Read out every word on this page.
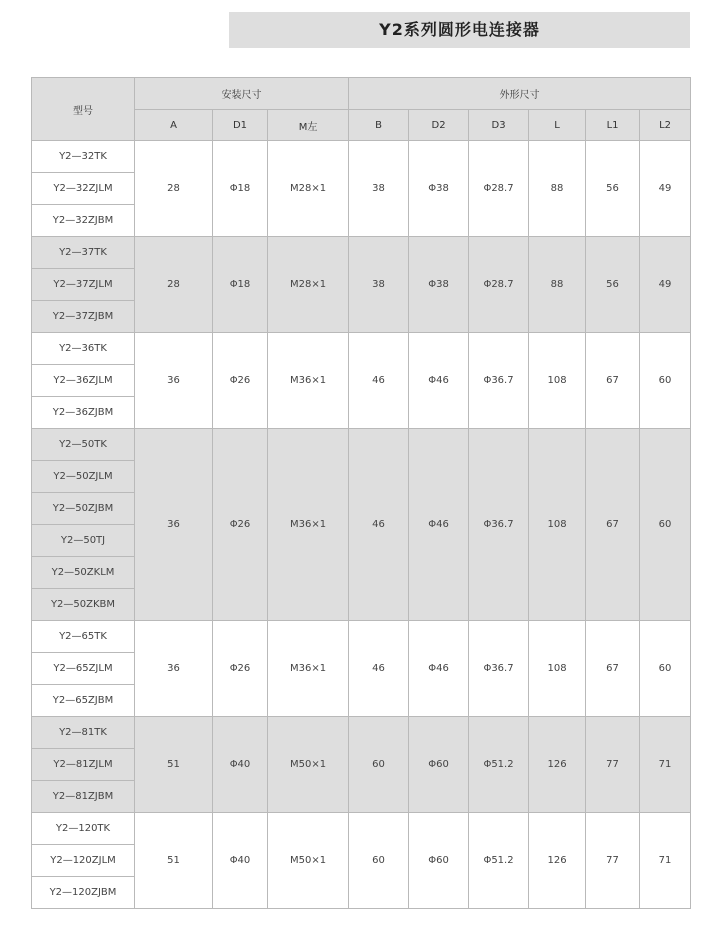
Y2系列圆形电连接器
型号	安装尺寸			外形尺寸					
	A	D1	M左	B	D2	D3	L	L1	L2
Y2—32TK	28	Φ18	M28×1	38	Φ38	Φ28.7	88	56	49
Y2—32ZJLM									
Y2—32ZJBM									
Y2—37TK	28	Φ18	M28×1	38	Φ38	Φ28.7	88	56	49
Y2—37ZJLM									
Y2—37ZJBM									
Y2—36TK	36	Φ26	M36×1	46	Φ46	Φ36.7	108	67	60
Y2—36ZJLM									
Y2—36ZJBM									
Y2—50TK	36	Φ26	M36×1	46	Φ46	Φ36.7	108	67	60
Y2—50ZJLM									
Y2—50ZJBM									
Y2—50TJ									
Y2—50ZKLM									
Y2—50ZKBM									
Y2—65TK	36	Φ26	M36×1	46	Φ46	Φ36.7	108	67	60
Y2—65ZJLM									
Y2—65ZJBM									
Y2—81TK	51	Φ40	M50×1	60	Φ60	Φ51.2	126	77	71
Y2—81ZJLM									
Y2—81ZJBM									
Y2—120TK	51	Φ40	M50×1	60	Φ60	Φ51.2	126	77	71
Y2—120ZJLM									
Y2—120ZJBM									
